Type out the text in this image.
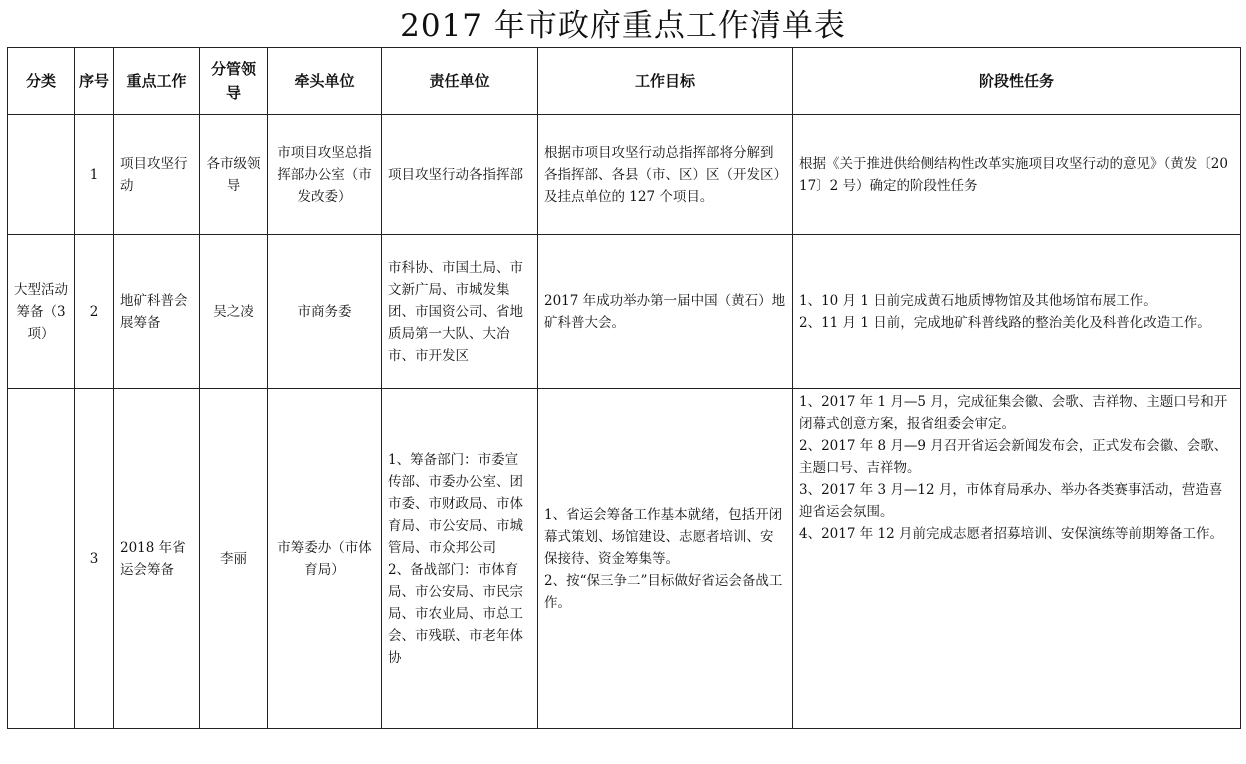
2017 年市政府重点工作清单表
分类	序号	重点工作	分管领导	牵头单位	责任单位	工作目标	阶段性任务
	1	项目攻坚行动	各市级领导	市项目攻坚总指挥部办公室（市发改委）	项目攻坚行动各指挥部	根据市项目攻坚行动总指挥部将分解到各指挥部、各县（市、区）区（开发区）及挂点单位的 127 个项目。	根据《关于推进供给侧结构性改革实施项目攻坚行动的意见》（黄发〔2017〕2 号）确定的阶段性任务
大型活动筹备（3项）	2	地矿科普会展筹备	吴之凌	市商务委	市科协、市国土局、市文新广局、市城发集团、市国资公司、省地质局第一大队、大冶市、市开发区	2017 年成功举办第一届中国（黄石）地矿科普大会。	1、10 月 1 日前完成黄石地质博物馆及其他场馆布展工作。
2、11 月 1 日前，完成地矿科普线路的整治美化及科普化改造工作。
	3	2018 年省运会筹备	李丽	市筹委办（市体育局）	1、筹备部门：市委宣传部、市委办公室、团市委、市财政局、市体育局、市公安局、市城管局、市众邦公司
2、备战部门：市体育局、市公安局、市民宗局、市农业局、市总工会、市残联、市老年体协	1、省运会筹备工作基本就绪，包括开闭幕式策划、场馆建设、志愿者培训、安保接待、资金筹集等。
2、按“保三争二”目标做好省运会备战工作。	1、2017 年 1 月—5 月，完成征集会徽、会歌、吉祥物、主题口号和开闭幕式创意方案，报省组委会审定。
2、2017 年 8 月—9 月召开省运会新闻发布会，正式发布会徽、会歌、主题口号、吉祥物。
3、2017 年 3 月—12 月，市体育局承办、举办各类赛事活动，营造喜迎省运会氛围。
4、2017 年 12 月前完成志愿者招募培训、安保演练等前期筹备工作。
